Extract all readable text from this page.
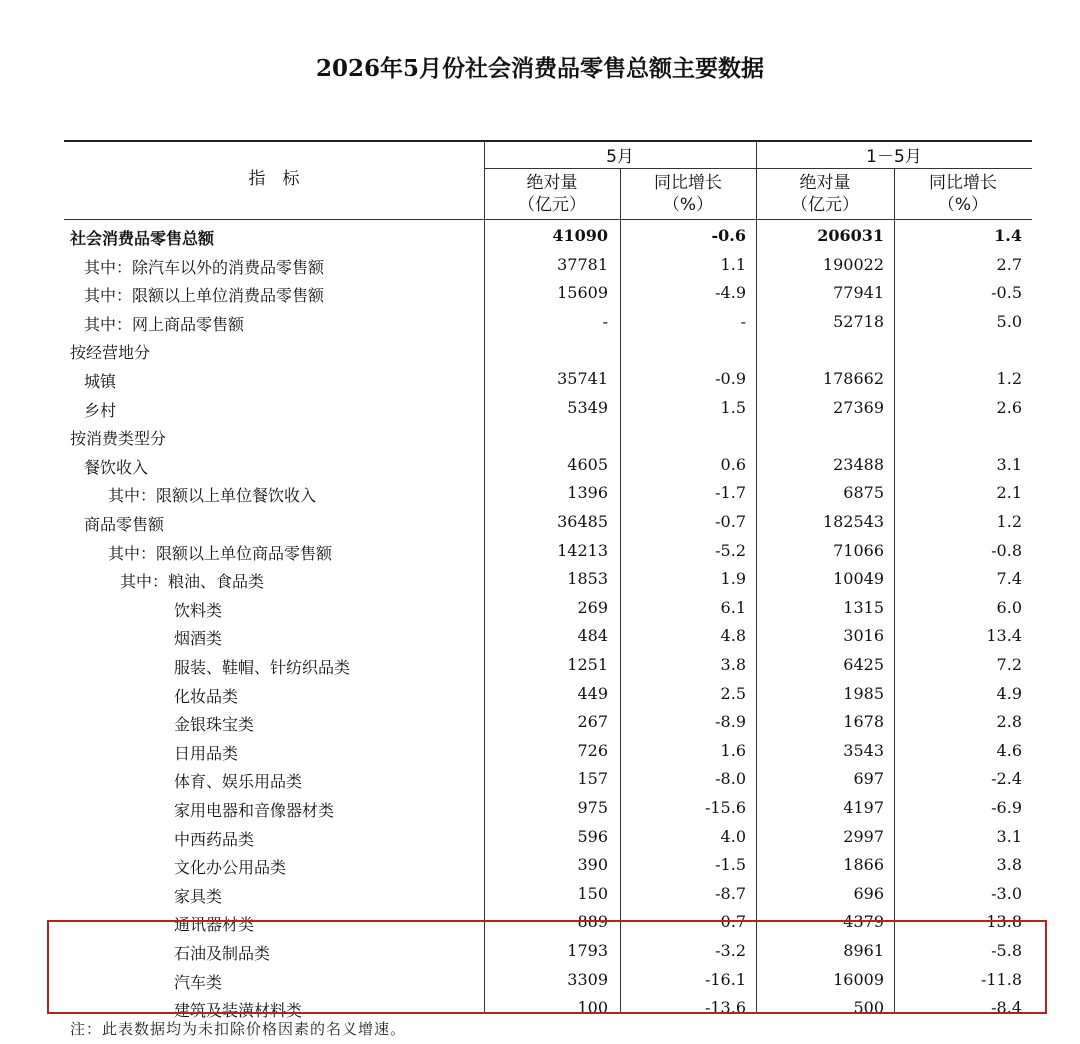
2026年5月份社会消费品零售总额主要数据
指　标
5月	1－5月
绝对量
（亿元）
同比增长
（%）
绝对量
（亿元）
同比增长
（%）
社会消费品零售总额	41090	-0.6	206031	1.4
其中：除汽车以外的消费品零售额	37781	1.1	190022	2.7
其中：限额以上单位消费品零售额	15609	-4.9	77941	-0.5
其中：网上商品零售额	-	-	52718	5.0
按经营地分
城镇	35741	-0.9	178662	1.2
乡村	5349	1.5	27369	2.6
按消费类型分
餐饮收入	4605	0.6	23488	3.1
其中：限额以上单位餐饮收入	1396	-1.7	6875	2.1
商品零售额	36485	-0.7	182543	1.2
其中：限额以上单位商品零售额	14213	-5.2	71066	-0.8
其中：粮油、食品类	1853	1.9	10049	7.4
饮料类	269	6.1	1315	6.0
烟酒类	484	4.8	3016	13.4
服装、鞋帽、针纺织品类	1251	3.8	6425	7.2
化妆品类	449	2.5	1985	4.9
金银珠宝类	267	-8.9	1678	2.8
日用品类	726	1.6	3543	4.6
体育、娱乐用品类	157	-8.0	697	-2.4
家用电器和音像器材类	975	-15.6	4197	-6.9
中西药品类	596	4.0	2997	3.1
文化办公用品类	390	-1.5	1866	3.8
家具类	150	-8.7	696	-3.0
通讯器材类	889	0.7	4379	13.8
石油及制品类	1793	-3.2	8961	-5.8
汽车类	3309	-16.1	16009	-11.8
建筑及装潢材料类	100	-13.6	500	-8.4
注：此表数据均为未扣除价格因素的名义增速。
